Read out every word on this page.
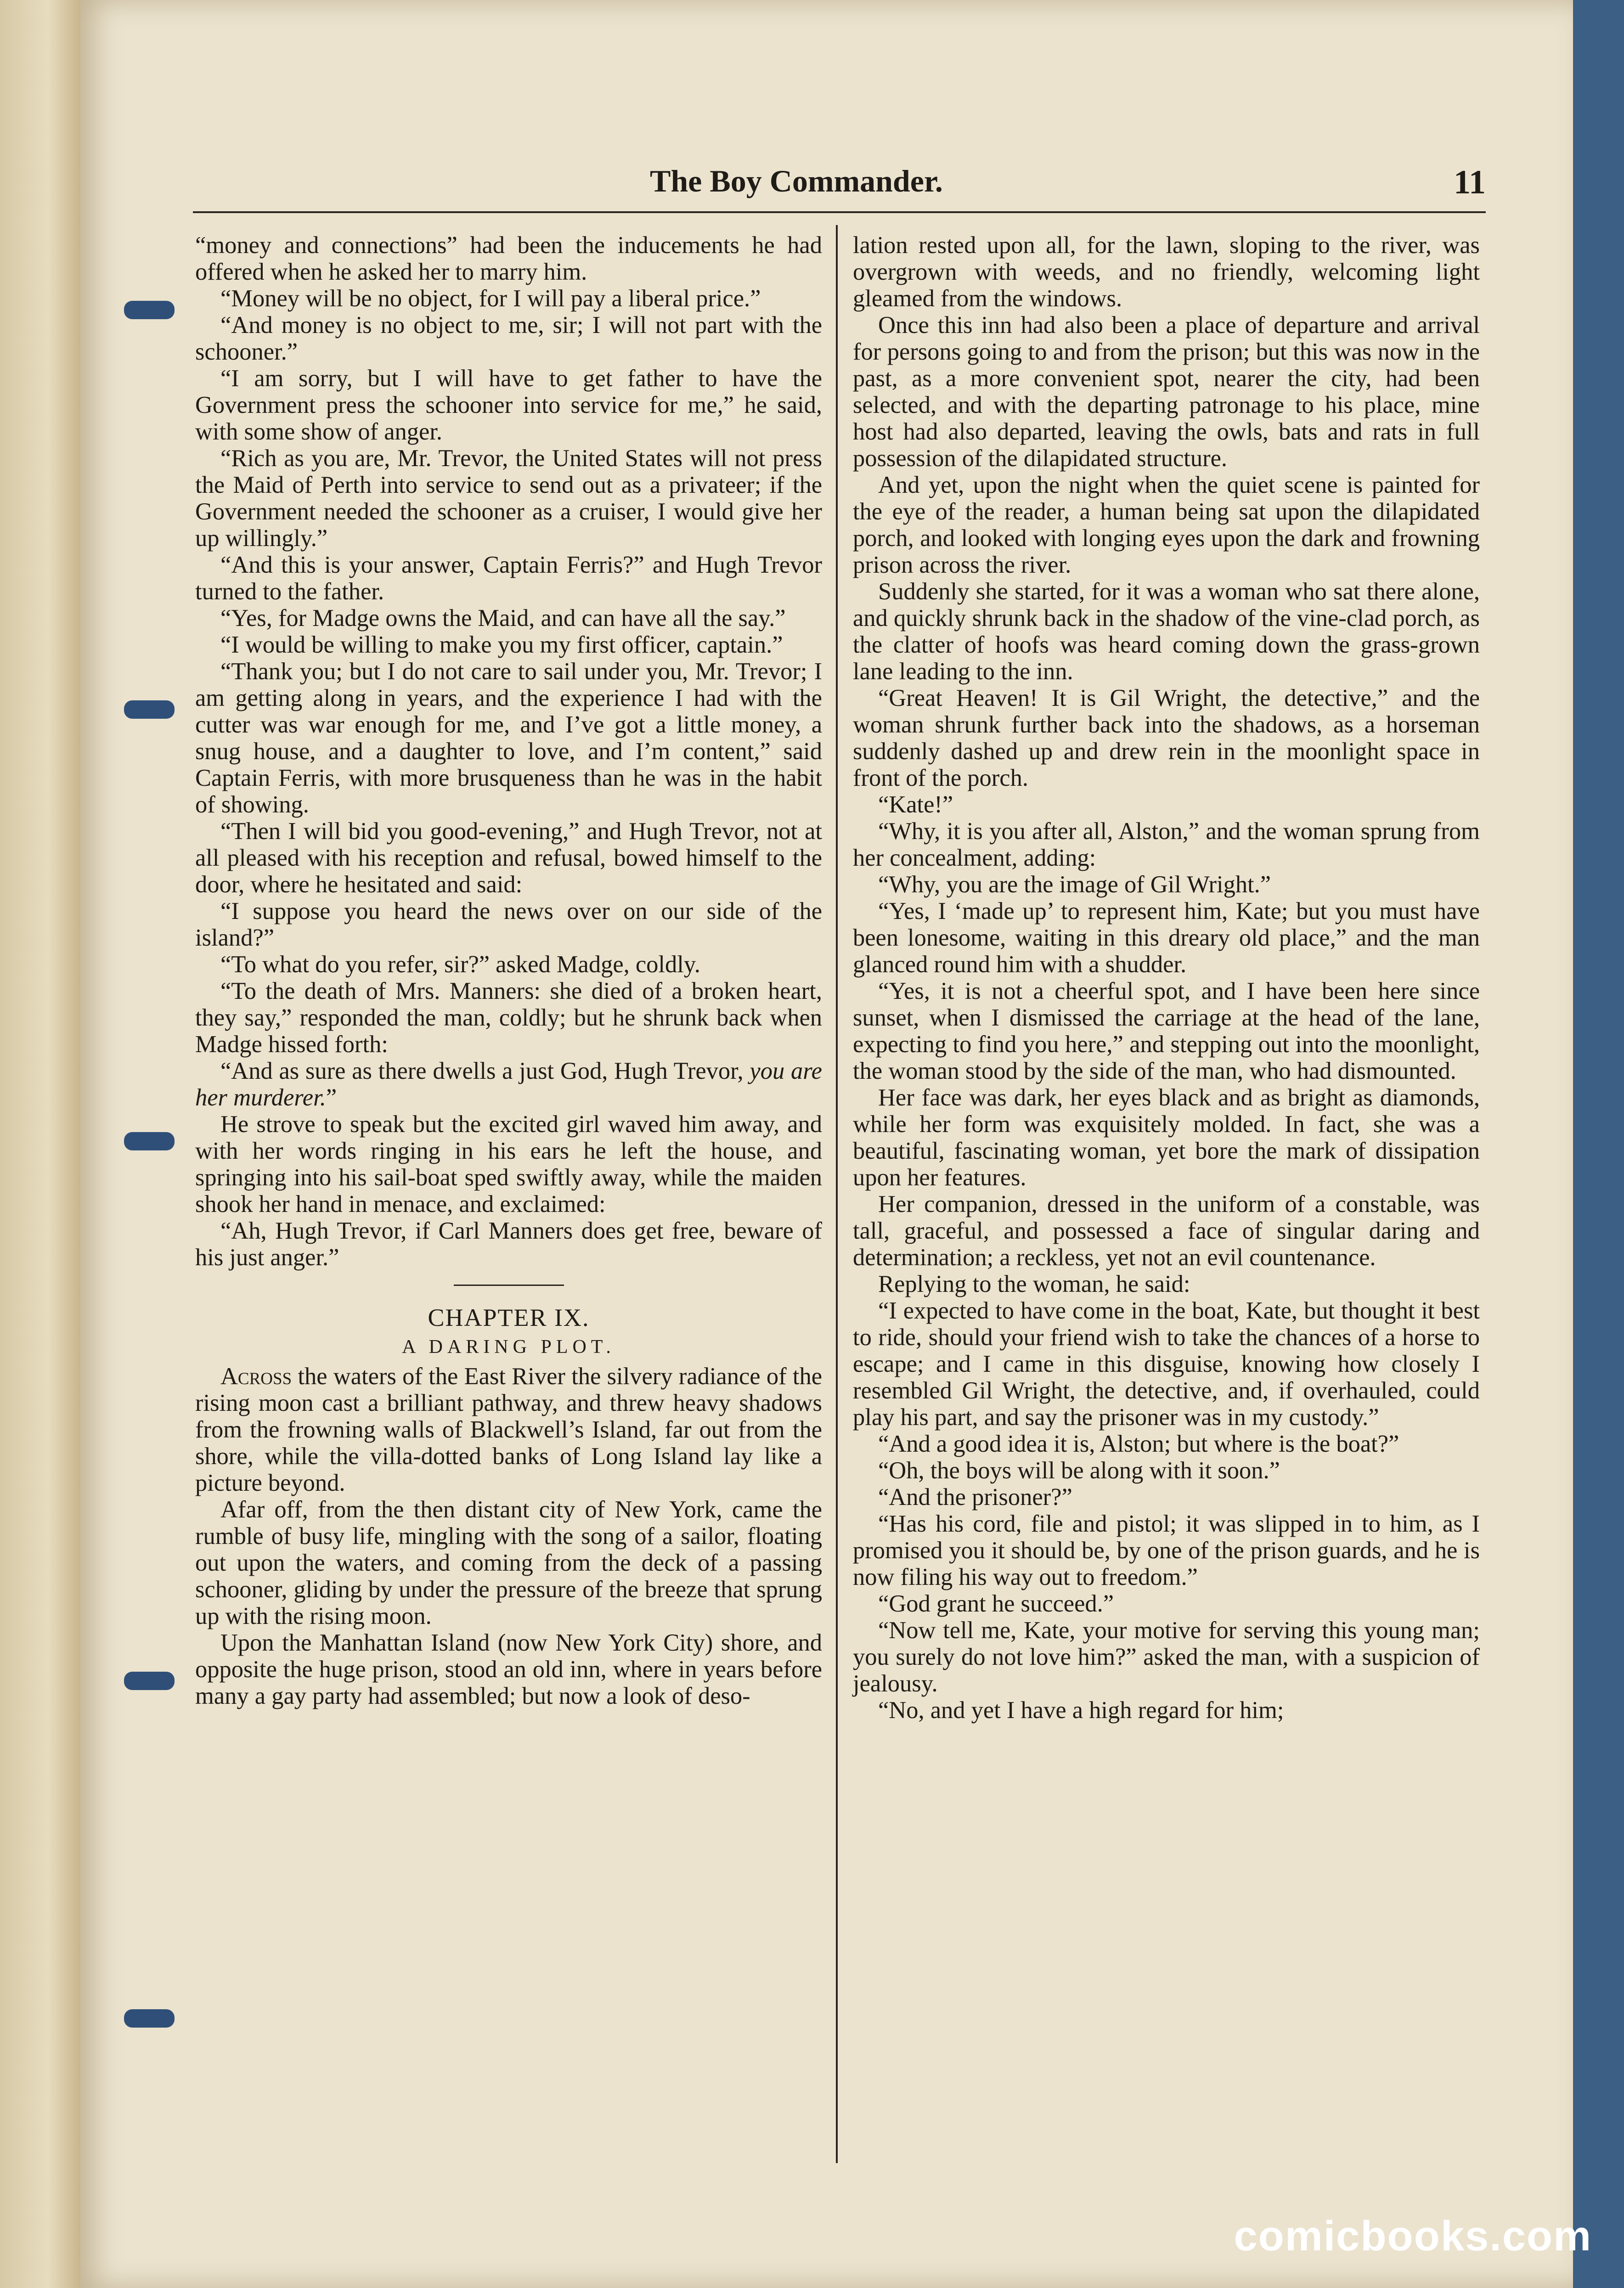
The Boy Commander.	11

“money and connections” had been the inducements he had offered when he asked her to marry him.

“Money will be no object, for I will pay a liberal price.”

“And money is no object to me, sir; I will not part with the schooner.”

“I am sorry, but I will have to get father to have the Government press the schooner into service for me,” he said, with some show of anger.

“Rich as you are, Mr. Trevor, the United States will not press the Maid of Perth into service to send out as a privateer; if the Government needed the schooner as a cruiser, I would give her up willingly.”

“And this is your answer, Captain Ferris?” and Hugh Trevor turned to the father.

“Yes, for Madge owns the Maid, and can have all the say.”

“I would be willing to make you my first officer, captain.”

“Thank you; but I do not care to sail under you, Mr. Trevor; I am getting along in years, and the experience I had with the cutter was war enough for me, and I’ve got a little money, a snug house, and a daughter to love, and I’m content,” said Captain Ferris, with more brusqueness than he was in the habit of showing.

“Then I will bid you good-evening,” and Hugh Trevor, not at all pleased with his reception and refusal, bowed himself to the door, where he hesitated and said:

“I suppose you heard the news over on our side of the island?”

“To what do you refer, sir?” asked Madge, coldly.

“To the death of Mrs. Manners: she died of a broken heart, they say,” responded the man, coldly; but he shrunk back when Madge hissed forth:

“And as sure as there dwells a just God, Hugh Trevor, you are her murderer.”

He strove to speak but the excited girl waved him away, and with her words ringing in his ears he left the house, and springing into his sail-boat sped swiftly away, while the maiden shook her hand in menace, and exclaimed:

“Ah, Hugh Trevor, if Carl Manners does get free, beware of his just anger.”

CHAPTER IX.
A DARING PLOT.

Across the waters of the East River the silvery radiance of the rising moon cast a brilliant pathway, and threw heavy shadows from the frowning walls of Blackwell’s Island, far out from the shore, while the villa-dotted banks of Long Island lay like a picture beyond.

Afar off, from the then distant city of New York, came the rumble of busy life, mingling with the song of a sailor, floating out upon the waters, and coming from the deck of a passing schooner, gliding by under the pressure of the breeze that sprung up with the rising moon.

Upon the Manhattan Island (now New York City) shore, and opposite the huge prison, stood an old inn, where in years before many a gay party had assembled; but now a look of deso-

lation rested upon all, for the lawn, sloping to the river, was overgrown with weeds, and no friendly, welcoming light gleamed from the windows.

Once this inn had also been a place of departure and arrival for persons going to and from the prison; but this was now in the past, as a more convenient spot, nearer the city, had been selected, and with the departing patronage to his place, mine host had also departed, leaving the owls, bats and rats in full possession of the dilapidated structure.

And yet, upon the night when the quiet scene is painted for the eye of the reader, a human being sat upon the dilapidated porch, and looked with longing eyes upon the dark and frowning prison across the river.

Suddenly she started, for it was a woman who sat there alone, and quickly shrunk back in the shadow of the vine-clad porch, as the clatter of hoofs was heard coming down the grass-grown lane leading to the inn.

“Great Heaven! It is Gil Wright, the detective,” and the woman shrunk further back into the shadows, as a horseman suddenly dashed up and drew rein in the moonlight space in front of the porch.

“Kate!”

“Why, it is you after all, Alston,” and the woman sprung from her concealment, adding:

“Why, you are the image of Gil Wright.”

“Yes, I ‘made up’ to represent him, Kate; but you must have been lonesome, waiting in this dreary old place,” and the man glanced round him with a shudder.

“Yes, it is not a cheerful spot, and I have been here since sunset, when I dismissed the carriage at the head of the lane, expecting to find you here,” and stepping out into the moonlight, the woman stood by the side of the man, who had dismounted.

Her face was dark, her eyes black and as bright as diamonds, while her form was exquisitely molded. In fact, she was a beautiful, fascinating woman, yet bore the mark of dissipation upon her features.

Her companion, dressed in the uniform of a constable, was tall, graceful, and possessed a face of singular daring and determination; a reckless, yet not an evil countenance.

Replying to the woman, he said:

“I expected to have come in the boat, Kate, but thought it best to ride, should your friend wish to take the chances of a horse to escape; and I came in this disguise, knowing how closely I resembled Gil Wright, the detective, and, if overhauled, could play his part, and say the prisoner was in my custody.”

“And a good idea it is, Alston; but where is the boat?”

“Oh, the boys will be along with it soon.”

“And the prisoner?”

“Has his cord, file and pistol; it was slipped in to him, as I promised you it should be, by one of the prison guards, and he is now filing his way out to freedom.”

“God grant he succeed.”

“Now tell me, Kate, your motive for serving this young man; you surely do not love him?” asked the man, with a suspicion of jealousy.

“No, and yet I have a high regard for him;

comicbooks.com
